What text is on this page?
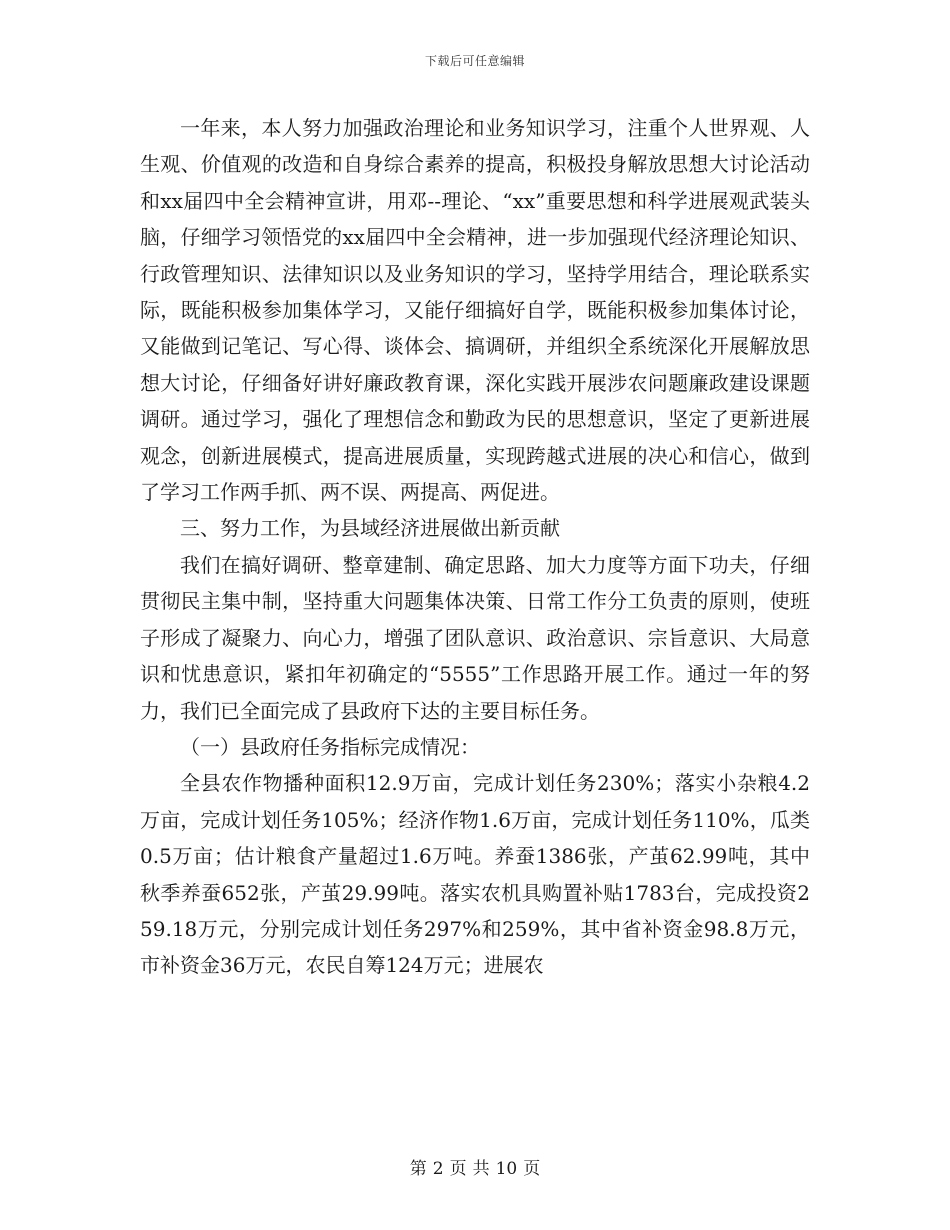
下载后可任意编辑

一年来，本人努力加强政治理论和业务知识学习，注重个人世界观、人生观、价值观的改造和自身综合素养的提高，积极投身解放思想大讨论活动和xx届四中全会精神宣讲，用邓--理论、“xx”重要思想和科学进展观武装头脑，仔细学习领悟党的xx届四中全会精神，进一步加强现代经济理论知识、行政管理知识、法律知识以及业务知识的学习，坚持学用结合，理论联系实际，既能积极参加集体学习，又能仔细搞好自学，既能积极参加集体讨论，又能做到记笔记、写心得、谈体会、搞调研，并组织全系统深化开展解放思想大讨论，仔细备好讲好廉政教育课，深化实践开展涉农问题廉政建设课题调研。通过学习，强化了理想信念和勤政为民的思想意识，坚定了更新进展观念，创新进展模式，提高进展质量，实现跨越式进展的决心和信心，做到了学习工作两手抓、两不误、两提高、两促进。

三、努力工作，为县域经济进展做出新贡献

我们在搞好调研、整章建制、确定思路、加大力度等方面下功夫，仔细贯彻民主集中制，坚持重大问题集体决策、日常工作分工负责的原则，使班子形成了凝聚力、向心力，增强了团队意识、政治意识、宗旨意识、大局意识和忧患意识，紧扣年初确定的“5555”工作思路开展工作。通过一年的努力，我们已全面完成了县政府下达的主要目标任务。

（一）县政府任务指标完成情况：

全县农作物播种面积12.9万亩，完成计划任务230%；落实小杂粮4.2万亩，完成计划任务105%；经济作物1.6万亩，完成计划任务110%，瓜类0.5万亩；估计粮食产量超过1.6万吨。养蚕1386张，产茧62.99吨，其中秋季养蚕652张，产茧29.99吨。落实农机具购置补贴1783台，完成投资259.18万元，分别完成计划任务297%和259%，其中省补资金98.8万元，市补资金36万元，农民自筹124万元；进展农

第 2 页 共 10 页
